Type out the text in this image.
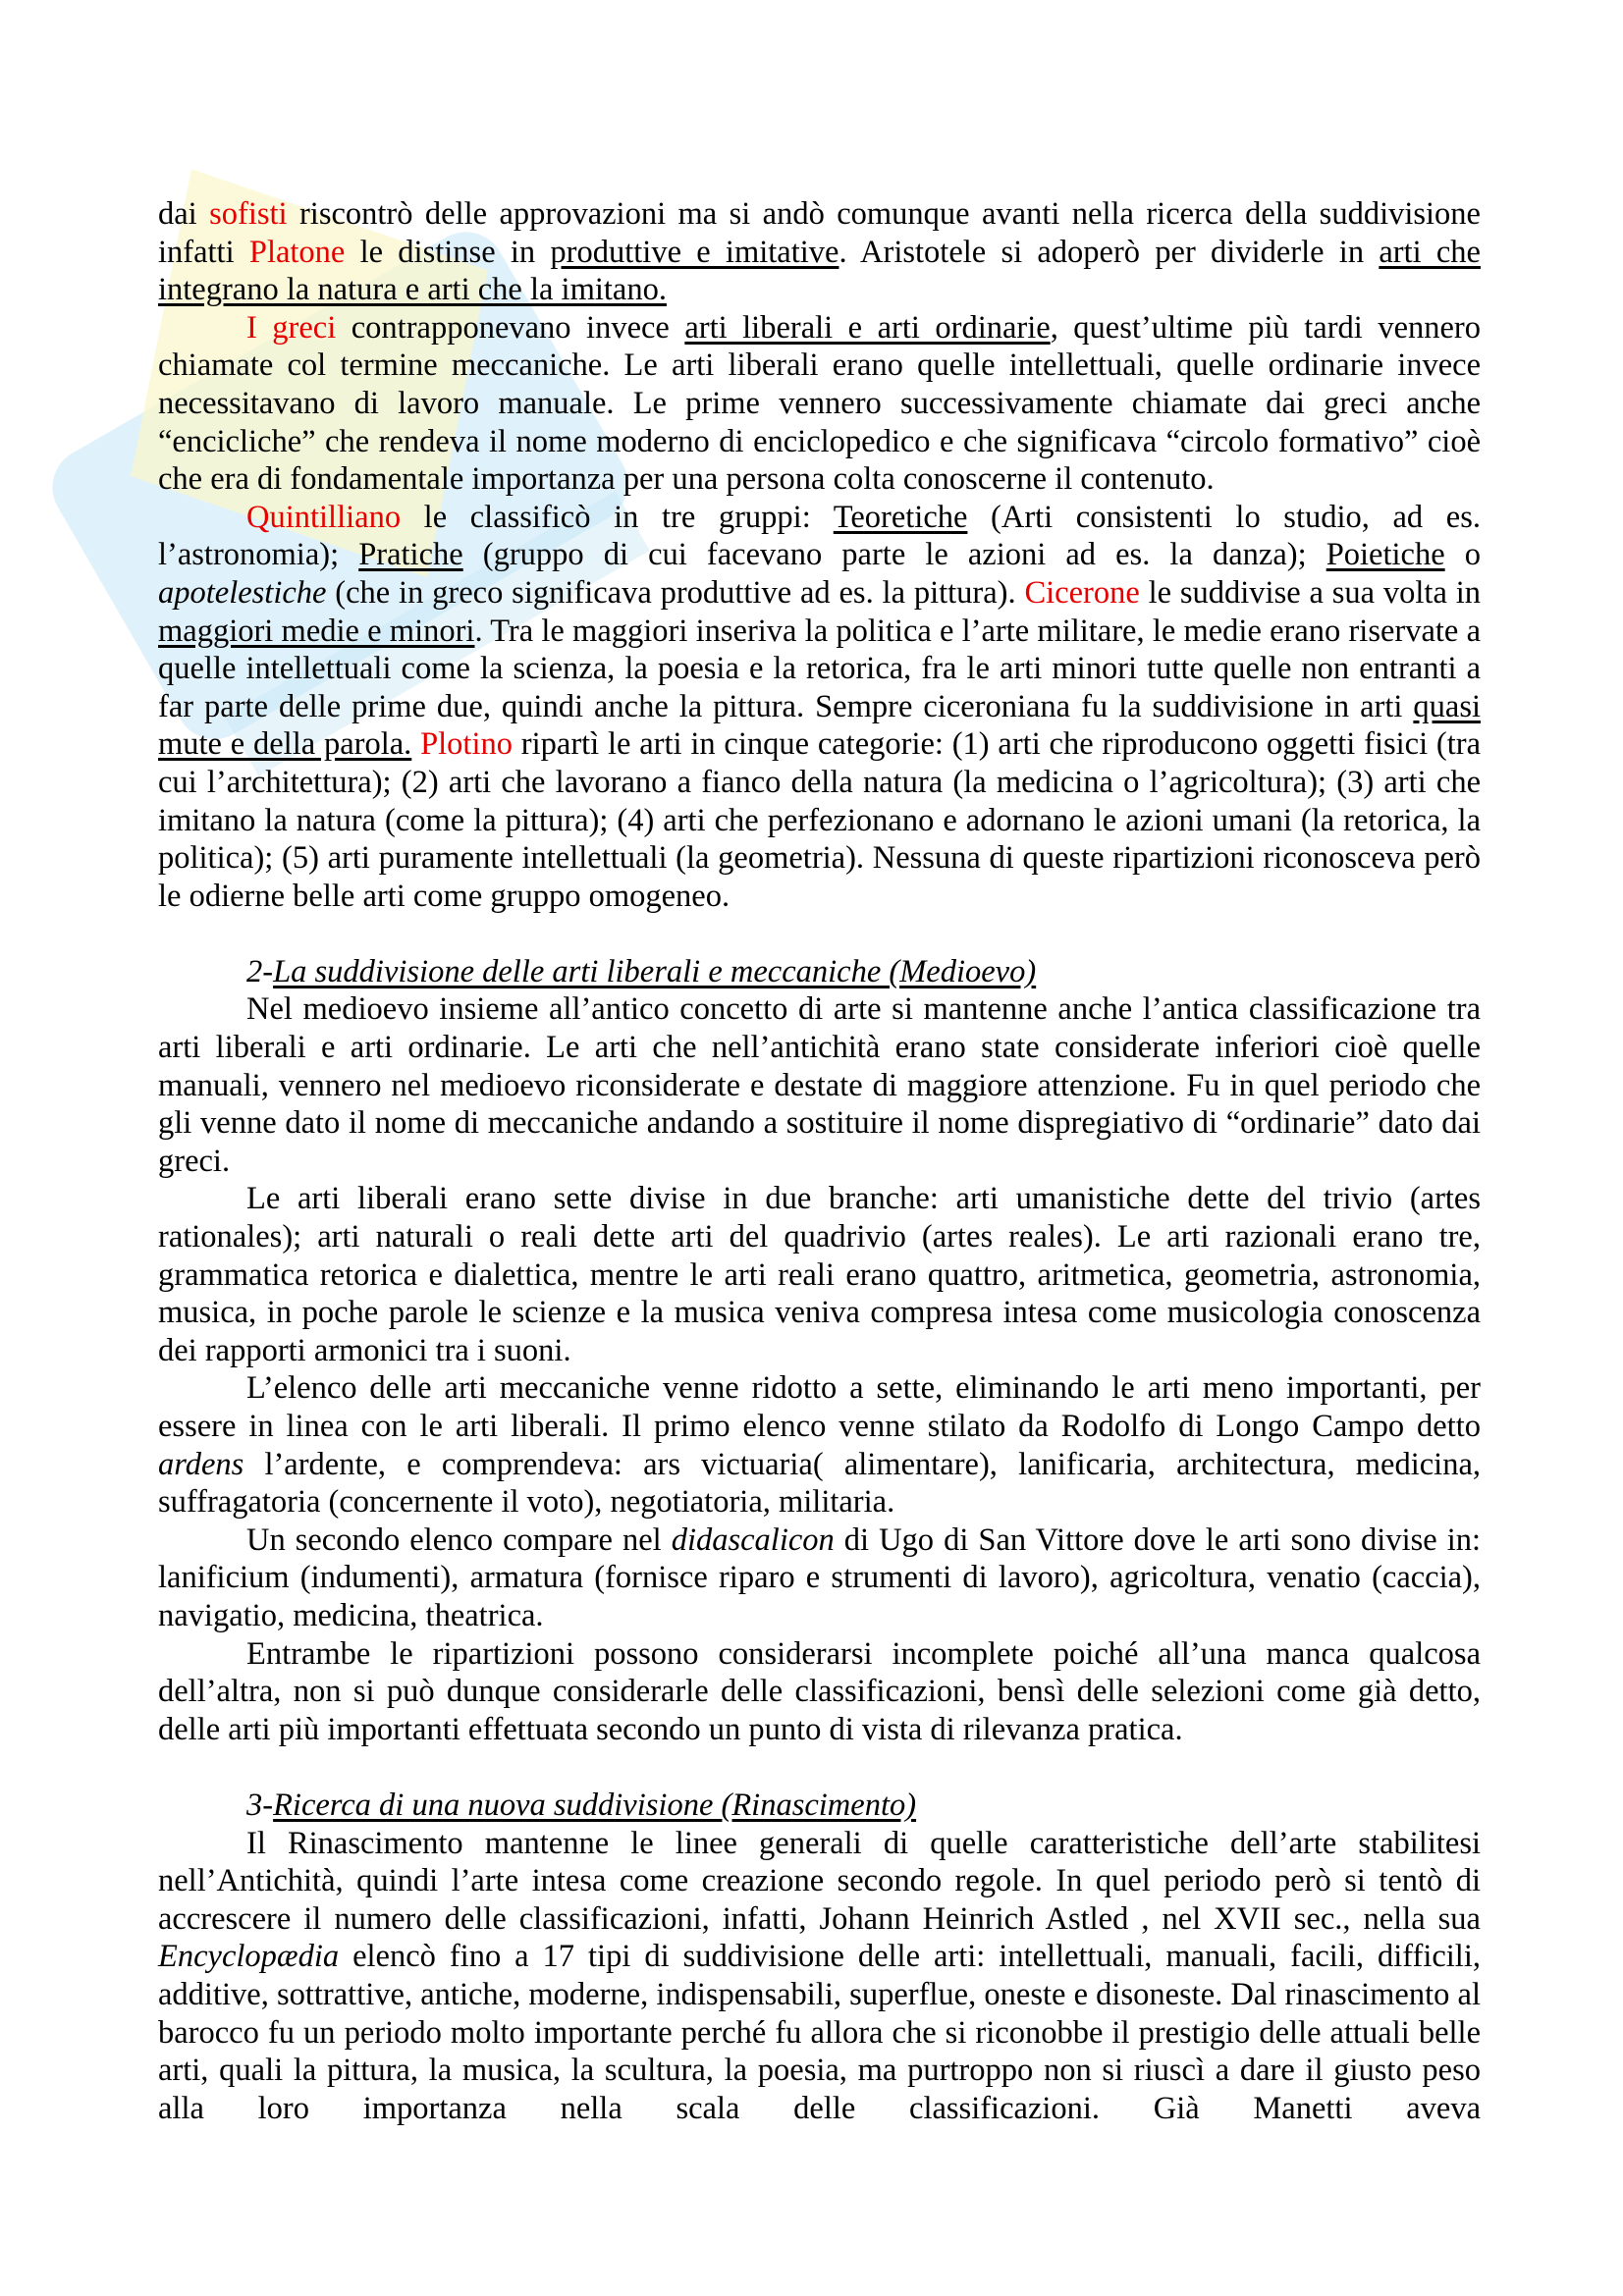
dai sofisti riscontrò delle approvazioni ma si andò comunque avanti nella ricerca della suddivisione infatti Platone le distinse in produttive e imitative. Aristotele si adoperò per dividerle in arti che integrano la natura e arti che la imitano.

I greci contrapponevano invece arti liberali e arti ordinarie, quest’ultime più tardi vennero chiamate col termine meccaniche. Le arti liberali erano quelle intellettuali, quelle ordinarie invece necessitavano di lavoro manuale. Le prime vennero successivamente chiamate dai greci anche “encicliche” che rendeva il nome moderno di enciclopedico e che significava “circolo formativo” cioè che era di fondamentale importanza per una persona colta conoscerne il contenuto.

Quintilliano le classificò in tre gruppi: Teoretiche (Arti consistenti lo studio, ad es. l’astronomia); Pratiche (gruppo di cui facevano parte le azioni ad es. la danza); Poietiche o apotelestiche (che in greco significava produttive ad es. la pittura). Cicerone le suddivise a sua volta in maggiori medie e minori. Tra le maggiori inseriva la politica e l’arte militare, le medie erano riservate a quelle intellettuali come la scienza, la poesia e la retorica, fra le arti minori tutte quelle non entranti a far parte delle prime due, quindi anche la pittura. Sempre ciceroniana fu la suddivisione in arti quasi mute e della parola. Plotino ripartì le arti in cinque categorie: (1) arti che riproducono oggetti fisici (tra cui l’architettura); (2) arti che lavorano a fianco della natura (la medicina o l’agricoltura); (3) arti che imitano la natura (come la pittura); (4) arti che perfezionano e adornano le azioni umani (la retorica, la politica); (5) arti puramente intellettuali (la geometria). Nessuna di queste ripartizioni riconosceva però le odierne belle arti come gruppo omogeneo.

2-La suddivisione delle arti liberali e meccaniche (Medioevo)

Nel medioevo insieme all’antico concetto di arte si mantenne anche l’antica classificazione tra arti liberali e arti ordinarie. Le arti che nell’antichità erano state considerate inferiori cioè quelle manuali, vennero nel medioevo riconsiderate e destate di maggiore attenzione. Fu in quel periodo che gli venne dato il nome di meccaniche andando a sostituire il nome dispregiativo di “ordinarie” dato dai greci.

Le arti liberali erano sette divise in due branche: arti umanistiche dette del trivio (artes rationales); arti naturali o reali dette arti del quadrivio (artes reales). Le arti razionali erano tre, grammatica retorica e dialettica, mentre le arti reali erano quattro, aritmetica, geometria, astronomia, musica, in poche parole le scienze e la musica veniva compresa intesa come musicologia conoscenza dei rapporti armonici tra i suoni.

L’elenco delle arti meccaniche venne ridotto a sette, eliminando le arti meno importanti, per essere in linea con le arti liberali. Il primo elenco venne stilato da Rodolfo di Longo Campo detto ardens l’ardente, e comprendeva: ars victuaria( alimentare), lanificaria, architectura, medicina, suffragatoria (concernente il voto), negotiatoria, militaria.

Un secondo elenco compare nel didascalicon di Ugo di San Vittore dove le arti sono divise in: lanificium (indumenti), armatura (fornisce riparo e strumenti di lavoro), agricoltura, venatio (caccia), navigatio, medicina, theatrica.

Entrambe le ripartizioni possono considerarsi incomplete poiché all’una manca qualcosa dell’altra, non si può dunque considerarle delle classificazioni, bensì delle selezioni come già detto, delle arti più importanti effettuata secondo un punto di vista di rilevanza pratica.

3-Ricerca di una nuova suddivisione (Rinascimento)

Il Rinascimento mantenne le linee generali di quelle caratteristiche dell’arte stabilitesi nell’Antichità, quindi l’arte intesa come creazione secondo regole. In quel periodo però si tentò di accrescere il numero delle classificazioni, infatti, Johann Heinrich Astled , nel XVII sec., nella sua Encyclopædia elencò fino a 17 tipi di suddivisione delle arti: intellettuali, manuali, facili, difficili, additive, sottrattive, antiche, moderne, indispensabili, superflue, oneste e disoneste. Dal rinascimento al barocco fu un periodo molto importante perché fu allora che si riconobbe il prestigio delle attuali belle arti, quali la pittura, la musica, la scultura, la poesia, ma purtroppo non si riuscì a dare il giusto peso alla loro importanza nella scala delle classificazioni. Già Manetti aveva
